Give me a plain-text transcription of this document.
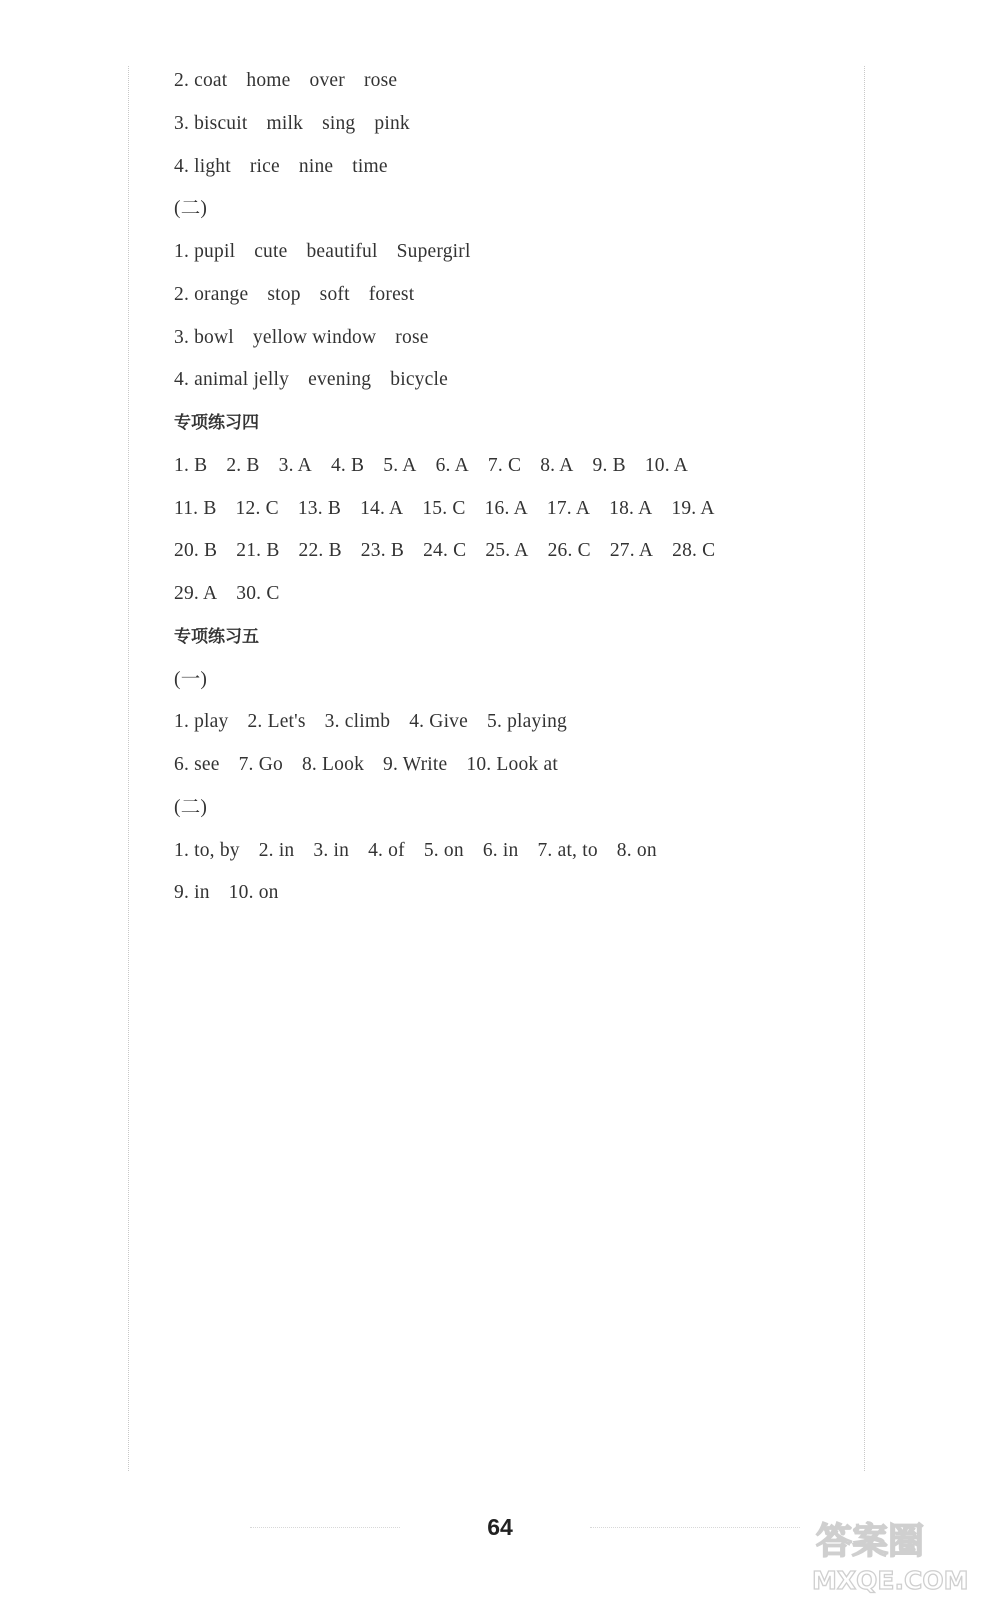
2. coat home over rose
3. biscuit milk sing pink
4. light rice nine time
(二)
1. pupil cute beautiful Supergirl
2. orange stop soft forest
3. bowl yellow window rose
4. animal jelly evening bicycle
专项练习四
1. B 2. B 3. A 4. B 5. A 6. A 7. C 8. A 9. B 10. A
11. B 12. C 13. B 14. A 15. C 16. A 17. A 18. A 19. A
20. B 21. B 22. B 23. B 24. C 25. A 26. C 27. A 28. C
29. A 30. C
专项练习五
(一)
1. play 2. Let's 3. climb 4. Give 5. playing
6. see 7. Go 8. Look 9. Write 10. Look at
(二)
1. to, by 2. in 3. in 4. of 5. on 6. in 7. at, to 8. on
9. in 10. on
64	答案圈
MXQE.COM
